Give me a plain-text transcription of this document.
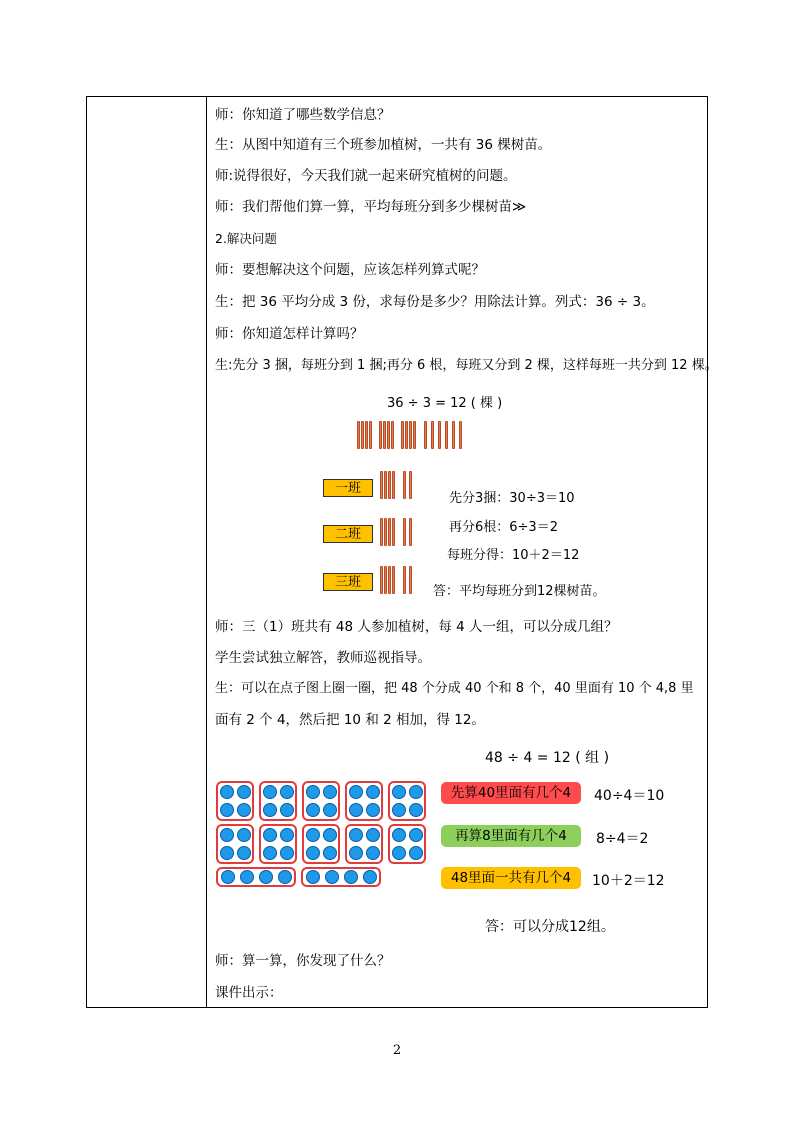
师：你知道了哪些数学信息？
生：从图中知道有三个班参加植树，一共有 36 棵树苗。
师:说得很好，今天我们就一起来研究植树的问题。
师：我们帮他们算一算，平均每班分到多少棵树苗≫
2.解决问题
师：要想解决这个问题，应该怎样列算式呢？
生：把 36 平均分成 3 份，求每份是多少？用除法计算。列式：36 ÷ 3。
师：你知道怎样计算吗？
生:先分 3 捆，每班分到 1 捆;再分 6 根，每班又分到 2 棵，这样每班一共分到 12 棵。
36 ÷ 3 = 12 ( 棵 )
一班
二班
三班
先分3捆：30÷3＝10
再分6根：6÷3＝2
每班分得：10＋2＝12
答：平均每班分到12棵树苗。
师：三（1）班共有 48 人参加植树，每 4 人一组，可以分成几组？
学生尝试独立解答，教师巡视指导。
生：可以在点子图上圈一圈，把 48 个分成 40 个和 8 个，40 里面有 10 个 4,8 里
面有 2 个 4，然后把 10 和 2 相加，得 12。
48 ÷ 4 = 12 ( 组 )
先算40里面有几个4	40÷4＝10
再算8里面有几个4	8÷4＝2
48里面一共有几个4	10＋2＝12
答：可以分成12组。
师：算一算，你发现了什么？
课件出示：
2
